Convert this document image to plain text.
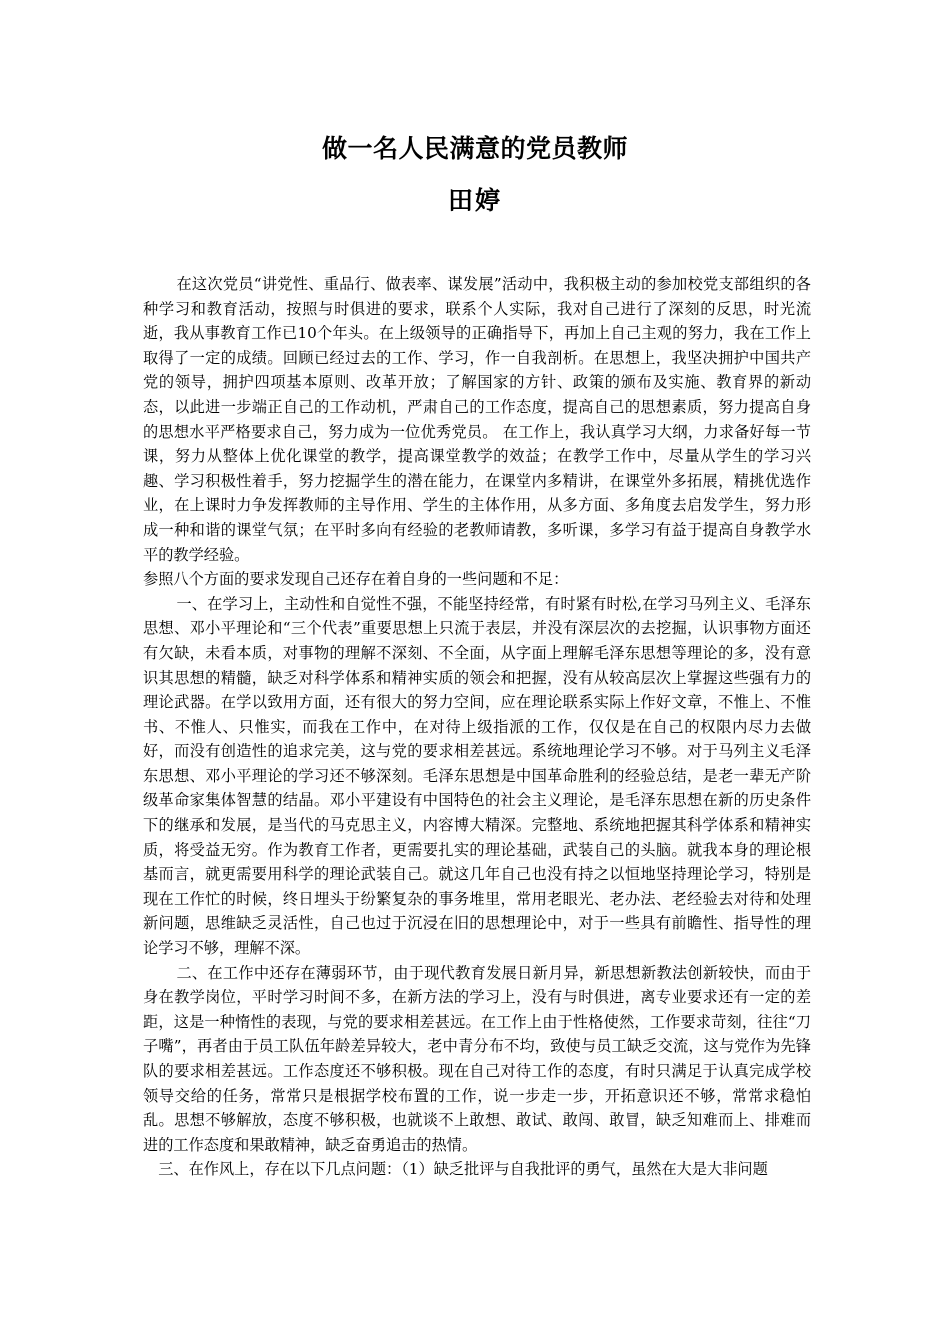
做一名人民满意的党员教师
田婷

在这次党员“讲党性、重品行、做表率、谋发展”活动中，我积极主动的参加校党支部组织的各种学习和教育活动，按照与时俱进的要求，联系个人实际，我对自己进行了深刻的反思，时光流逝，我从事教育工作已10个年头。在上级领导的正确指导下，再加上自己主观的努力，我在工作上取得了一定的成绩。回顾已经过去的工作、学习，作一自我剖析。在思想上，我坚决拥护中国共产党的领导，拥护四项基本原则、改革开放；了解国家的方针、政策的颁布及实施、教育界的新动态，以此进一步端正自己的工作动机，严肃自己的工作态度，提高自己的思想素质，努力提高自身的思想水平严格要求自己，努力成为一位优秀党员。 在工作上，我认真学习大纲，力求备好每一节课，努力从整体上优化课堂的教学，提高课堂教学的效益；在教学工作中，尽量从学生的学习兴趣、学习积极性着手，努力挖掘学生的潜在能力，在课堂内多精讲，在课堂外多拓展，精挑优选作业，在上课时力争发挥教师的主导作用、学生的主体作用，从多方面、多角度去启发学生，努力形成一种和谐的课堂气氛；在平时多向有经验的老教师请教，多听课，多学习有益于提高自身教学水平的教学经验。

参照八个方面的要求发现自己还存在着自身的一些问题和不足：

一、在学习上，主动性和自觉性不强，不能坚持经常，有时紧有时松,在学习马列主义、毛泽东思想、邓小平理论和“三个代表”重要思想上只流于表层，并没有深层次的去挖掘，认识事物方面还有欠缺，未看本质，对事物的理解不深刻、不全面，从字面上理解毛泽东思想等理论的多，没有意识其思想的精髓，缺乏对科学体系和精神实质的领会和把握，没有从较高层次上掌握这些强有力的理论武器。在学以致用方面，还有很大的努力空间，应在理论联系实际上作好文章，不惟上、不惟书、不惟人、只惟实，而我在工作中，在对待上级指派的工作，仅仅是在自己的权限内尽力去做好，而没有创造性的追求完美，这与党的要求相差甚远。系统地理论学习不够。对于马列主义毛泽东思想、邓小平理论的学习还不够深刻。毛泽东思想是中国革命胜利的经验总结，是老一辈无产阶级革命家集体智慧的结晶。邓小平建设有中国特色的社会主义理论，是毛泽东思想在新的历史条件下的继承和发展，是当代的马克思主义，内容博大精深。完整地、系统地把握其科学体系和精神实质，将受益无穷。作为教育工作者，更需要扎实的理论基础，武装自己的头脑。就我本身的理论根基而言，就更需要用科学的理论武装自己。就这几年自己也没有持之以恒地坚持理论学习，特别是现在工作忙的时候，终日埋头于纷繁复杂的事务堆里，常用老眼光、老办法、老经验去对待和处理新问题，思维缺乏灵活性，自己也过于沉浸在旧的思想理论中，对于一些具有前瞻性、指导性的理论学习不够，理解不深。

二、在工作中还存在薄弱环节，由于现代教育发展日新月异，新思想新教法创新较快，而由于身在教学岗位，平时学习时间不多，在新方法的学习上，没有与时俱进，离专业要求还有一定的差距，这是一种惰性的表现，与党的要求相差甚远。在工作上由于性格使然，工作要求苛刻，往往“刀子嘴”，再者由于员工队伍年龄差异较大，老中青分布不均，致使与员工缺乏交流，这与党作为先锋队的要求相差甚远。工作态度还不够积极。现在自己对待工作的态度，有时只满足于认真完成学校领导交给的任务，常常只是根据学校布置的工作，说一步走一步，开拓意识还不够，常常求稳怕乱。思想不够解放，态度不够积极，也就谈不上敢想、敢试、敢闯、敢冒，缺乏知难而上、排难而进的工作态度和果敢精神，缺乏奋勇追击的热情。

三、在作风上，存在以下几点问题：（1）缺乏批评与自我批评的勇气，虽然在大是大非问题
